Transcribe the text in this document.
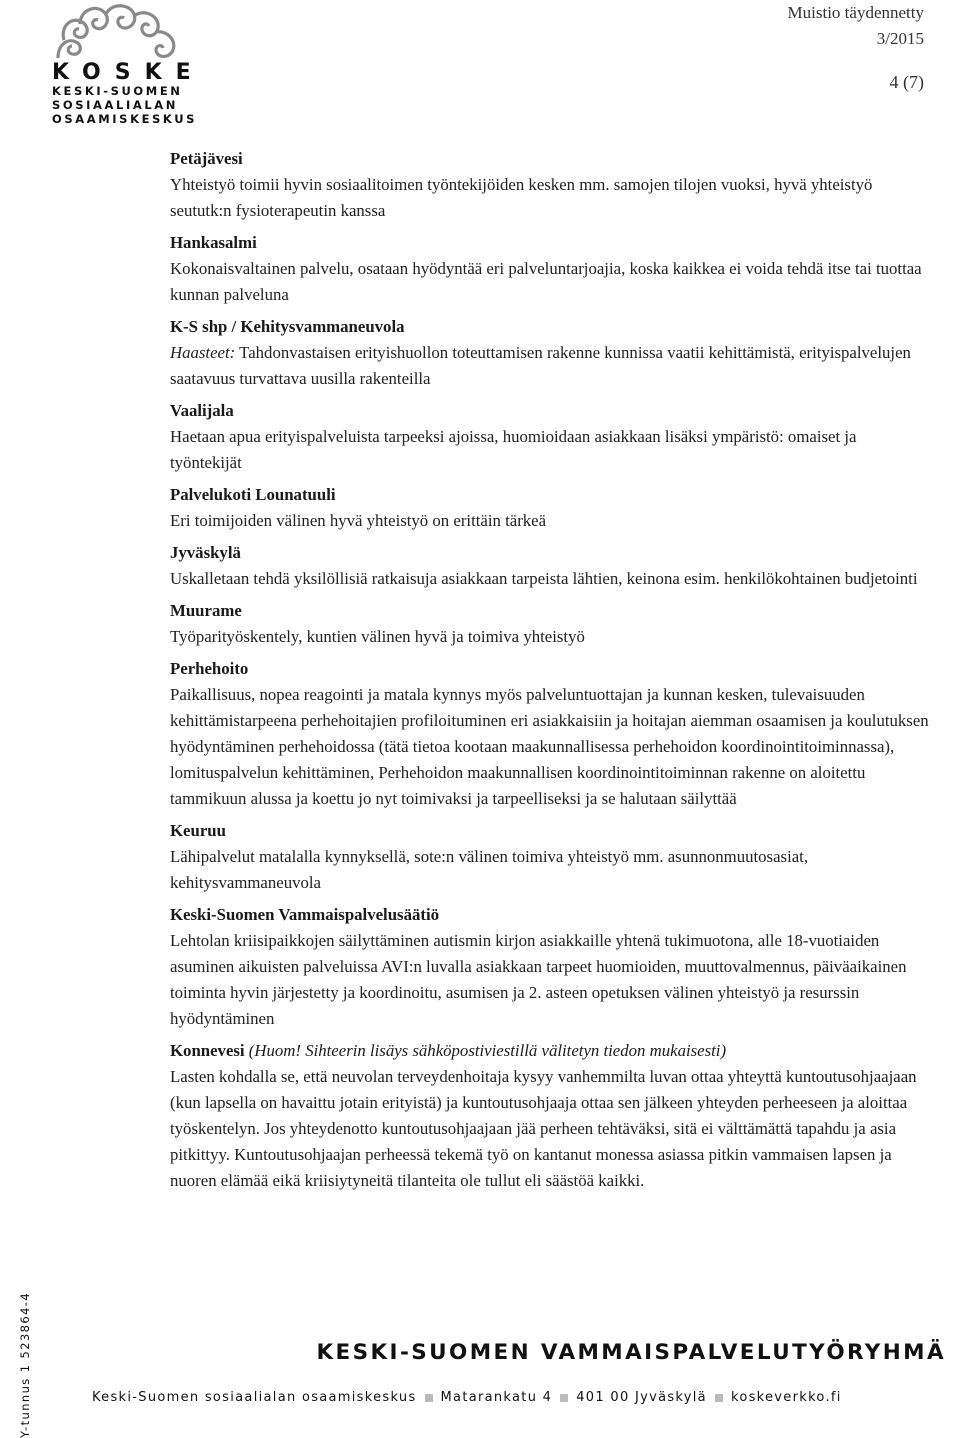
KOSKE
KESKI-SUOMEN
SOSIAALIALAN
OSAAMISKESKUS
Muistio täydennetty
3/2015
4 (7)
Petäjävesi
Yhteistyö toimii hyvin sosiaalitoimen työntekijöiden kesken mm. samojen tilojen vuoksi, hyvä yhteistyö seututk:n fysioterapeutin kanssa
Hankasalmi
Kokonaisvaltainen palvelu, osataan hyödyntää eri palveluntarjoajia, koska kaikkea ei voida tehdä itse tai tuottaa kunnan palveluna
K-S shp / Kehitysvammaneuvola
Haasteet: Tahdonvastaisen erityishuollon toteuttamisen rakenne kunnissa vaatii kehittämistä, erityispalvelujen saatavuus turvattava uusilla rakenteilla
Vaalijala
Haetaan apua erityispalveluista tarpeeksi ajoissa, huomioidaan asiakkaan lisäksi ympäristö: omaiset ja työntekijät
Palvelukoti Lounatuuli
Eri toimijoiden välinen hyvä yhteistyö on erittäin tärkeä
Jyväskylä
Uskalletaan tehdä yksilöllisiä ratkaisuja asiakkaan tarpeista lähtien, keinona esim. henkilökohtainen budjetointi
Muurame
Työparityöskentely, kuntien välinen hyvä ja toimiva yhteistyö
Perhehoito
Paikallisuus, nopea reagointi ja matala kynnys myös palveluntuottajan ja kunnan kesken, tulevaisuuden kehittämistarpeena perhehoitajien profiloituminen eri asiakkaisiin ja hoitajan aiemman osaamisen ja koulutuksen hyödyntäminen perhehoidossa (tätä tietoa kootaan maakunnallisessa perhehoidon koordinointitoiminnassa), lomituspalvelun kehittäminen, Perhehoidon maakunnallisen koordinointitoiminnan rakenne on aloitettu tammikuun alussa ja koettu jo nyt toimivaksi ja tarpeelliseksi ja se halutaan säilyttää
Keuruu
Lähipalvelut matalalla kynnyksellä, sote:n välinen toimiva yhteistyö mm. asunnonmuutosasiat, kehitysvammaneuvola
Keski-Suomen Vammaispalvelusäätiö
Lehtolan kriisipaikkojen säilyttäminen autismin kirjon asiakkaille yhtenä tukimuotona, alle 18-vuotiaiden asuminen aikuisten palveluissa AVI:n luvalla asiakkaan tarpeet huomioiden, muuttovalmennus, päiväaikainen toiminta hyvin järjestetty ja koordinoitu, asumisen ja 2. asteen opetuksen välinen yhteistyö ja resurssin hyödyntäminen
Konnevesi (Huom! Sihteerin lisäys sähköpostiviestillä välitetyn tiedon mukaisesti)
Lasten kohdalla se, että neuvolan terveydenhoitaja kysyy vanhemmilta luvan ottaa yhteyttä kuntoutusohjaajaan (kun lapsella on havaittu jotain erityistä) ja kuntoutusohjaaja ottaa sen jälkeen yhteyden perheeseen ja aloittaa työskentelyn. Jos yhteydenotto kuntoutusohjaajaan jää perheen tehtäväksi, sitä ei välttämättä tapahdu ja asia pitkittyy. Kuntoutusohjaajan perheessä tekemä työ on kantanut monessa asiassa pitkin vammaisen lapsen ja nuoren elämää eikä kriisiytyneitä tilanteita ole tullut eli säästöä kaikki.
Y-tunnus 1 523864-4	KESKI-SUOMEN VAMMAISPALVELUTYÖRYHMÄ
Keski-Suomen sosiaalialan osaamiskeskus Matarankatu 4 401 00 Jyväskylä koskeverkko.fi
